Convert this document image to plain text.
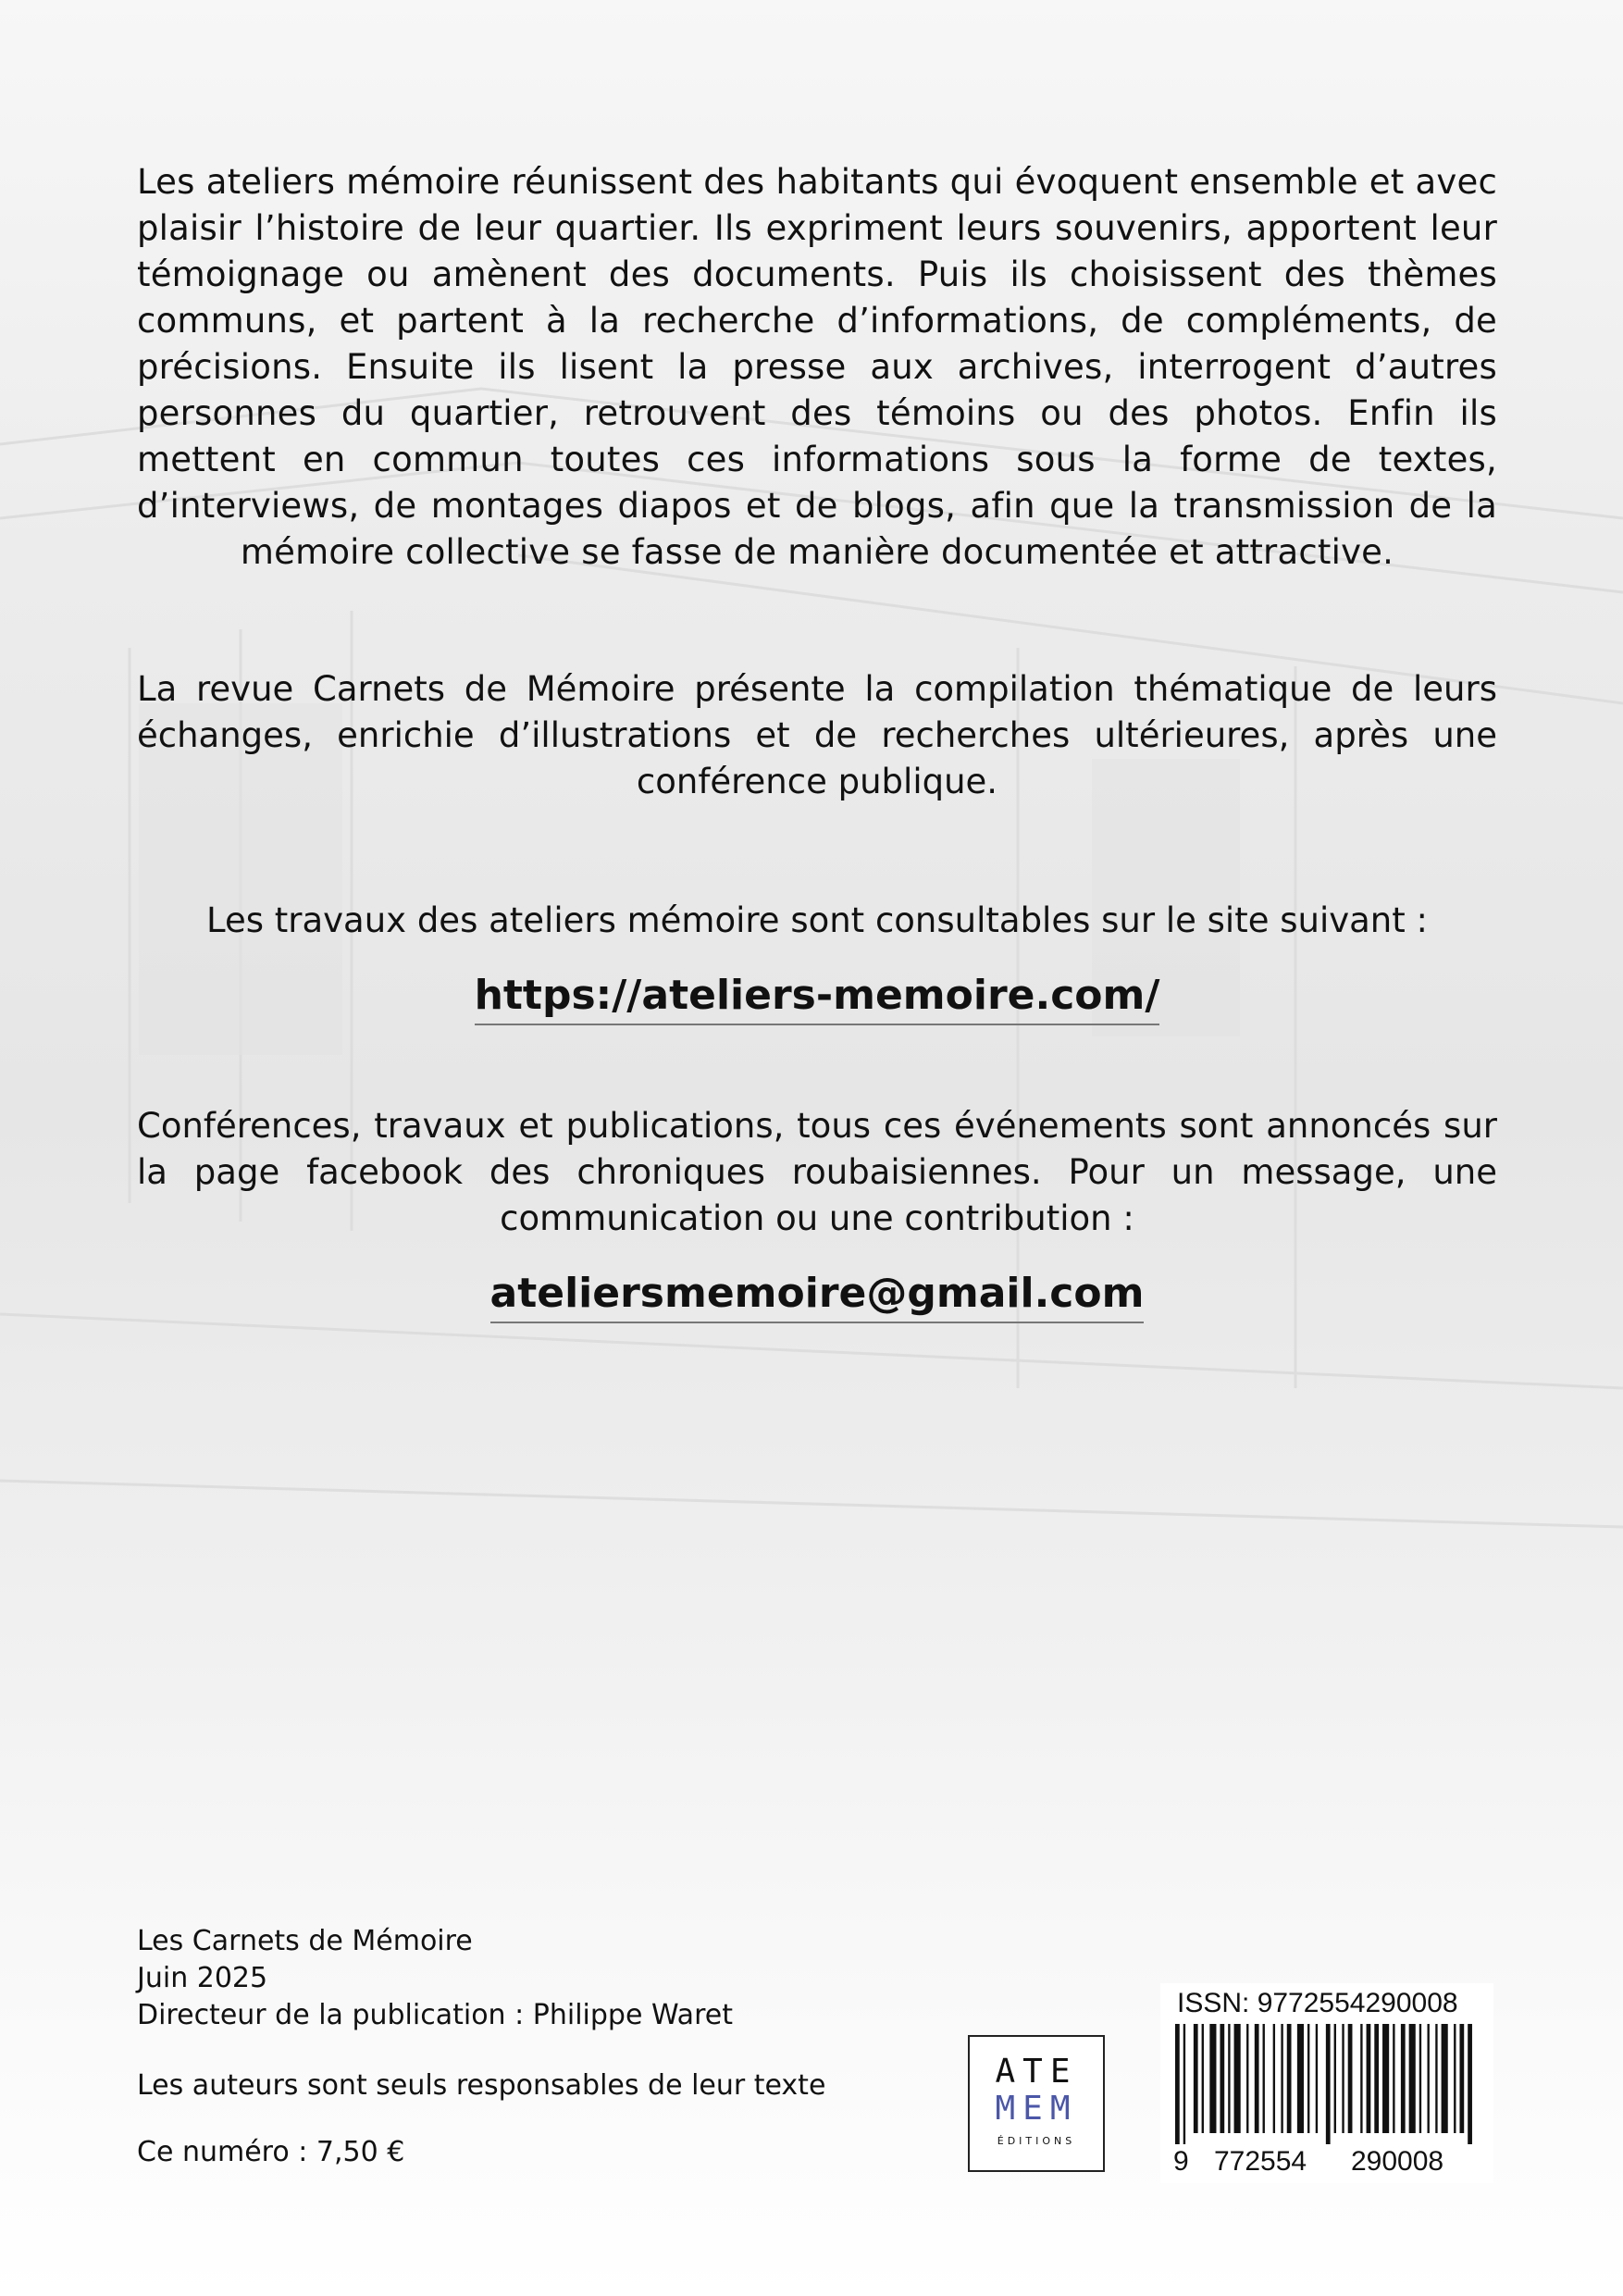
Les ateliers mémoire réunissent des habitants qui évoquent ensemble et avec plaisir l’histoire de leur quartier. Ils expriment leurs souvenirs, apportent leur témoignage ou amènent des documents. Puis ils choisissent des thèmes communs, et partent à la recherche d’informations, de compléments, de précisions. Ensuite ils lisent la presse aux archives, interrogent d’autres personnes du quartier, retrouvent des témoins ou des photos. Enfin ils mettent en commun toutes ces informations sous la forme de textes, d’interviews, de montages diapos et de blogs, afin que la transmission de la mémoire collective se fasse de manière documentée et attractive.

La revue Carnets de Mémoire présente la compilation thématique de leurs échanges, enrichie d’illustrations et de recherches ultérieures, après une conférence publique.

Les travaux des ateliers mémoire sont consultables sur le site suivant :

https://ateliers-memoire.com/

Conférences, travaux et publications, tous ces événements sont annoncés sur la page facebook des chroniques roubaisiennes. Pour un message, une communication ou une contribution :

ateliersmemoire@gmail.com

Les Carnets de Mémoire
Juin 2025
Directeur de la publication : Philippe Waret
Les auteurs sont seuls responsables de leur texte
Ce numéro : 7,50 €
ATE
MEM
ÉDITIONS
ISSN: 9772554290008
9 772554 290008
